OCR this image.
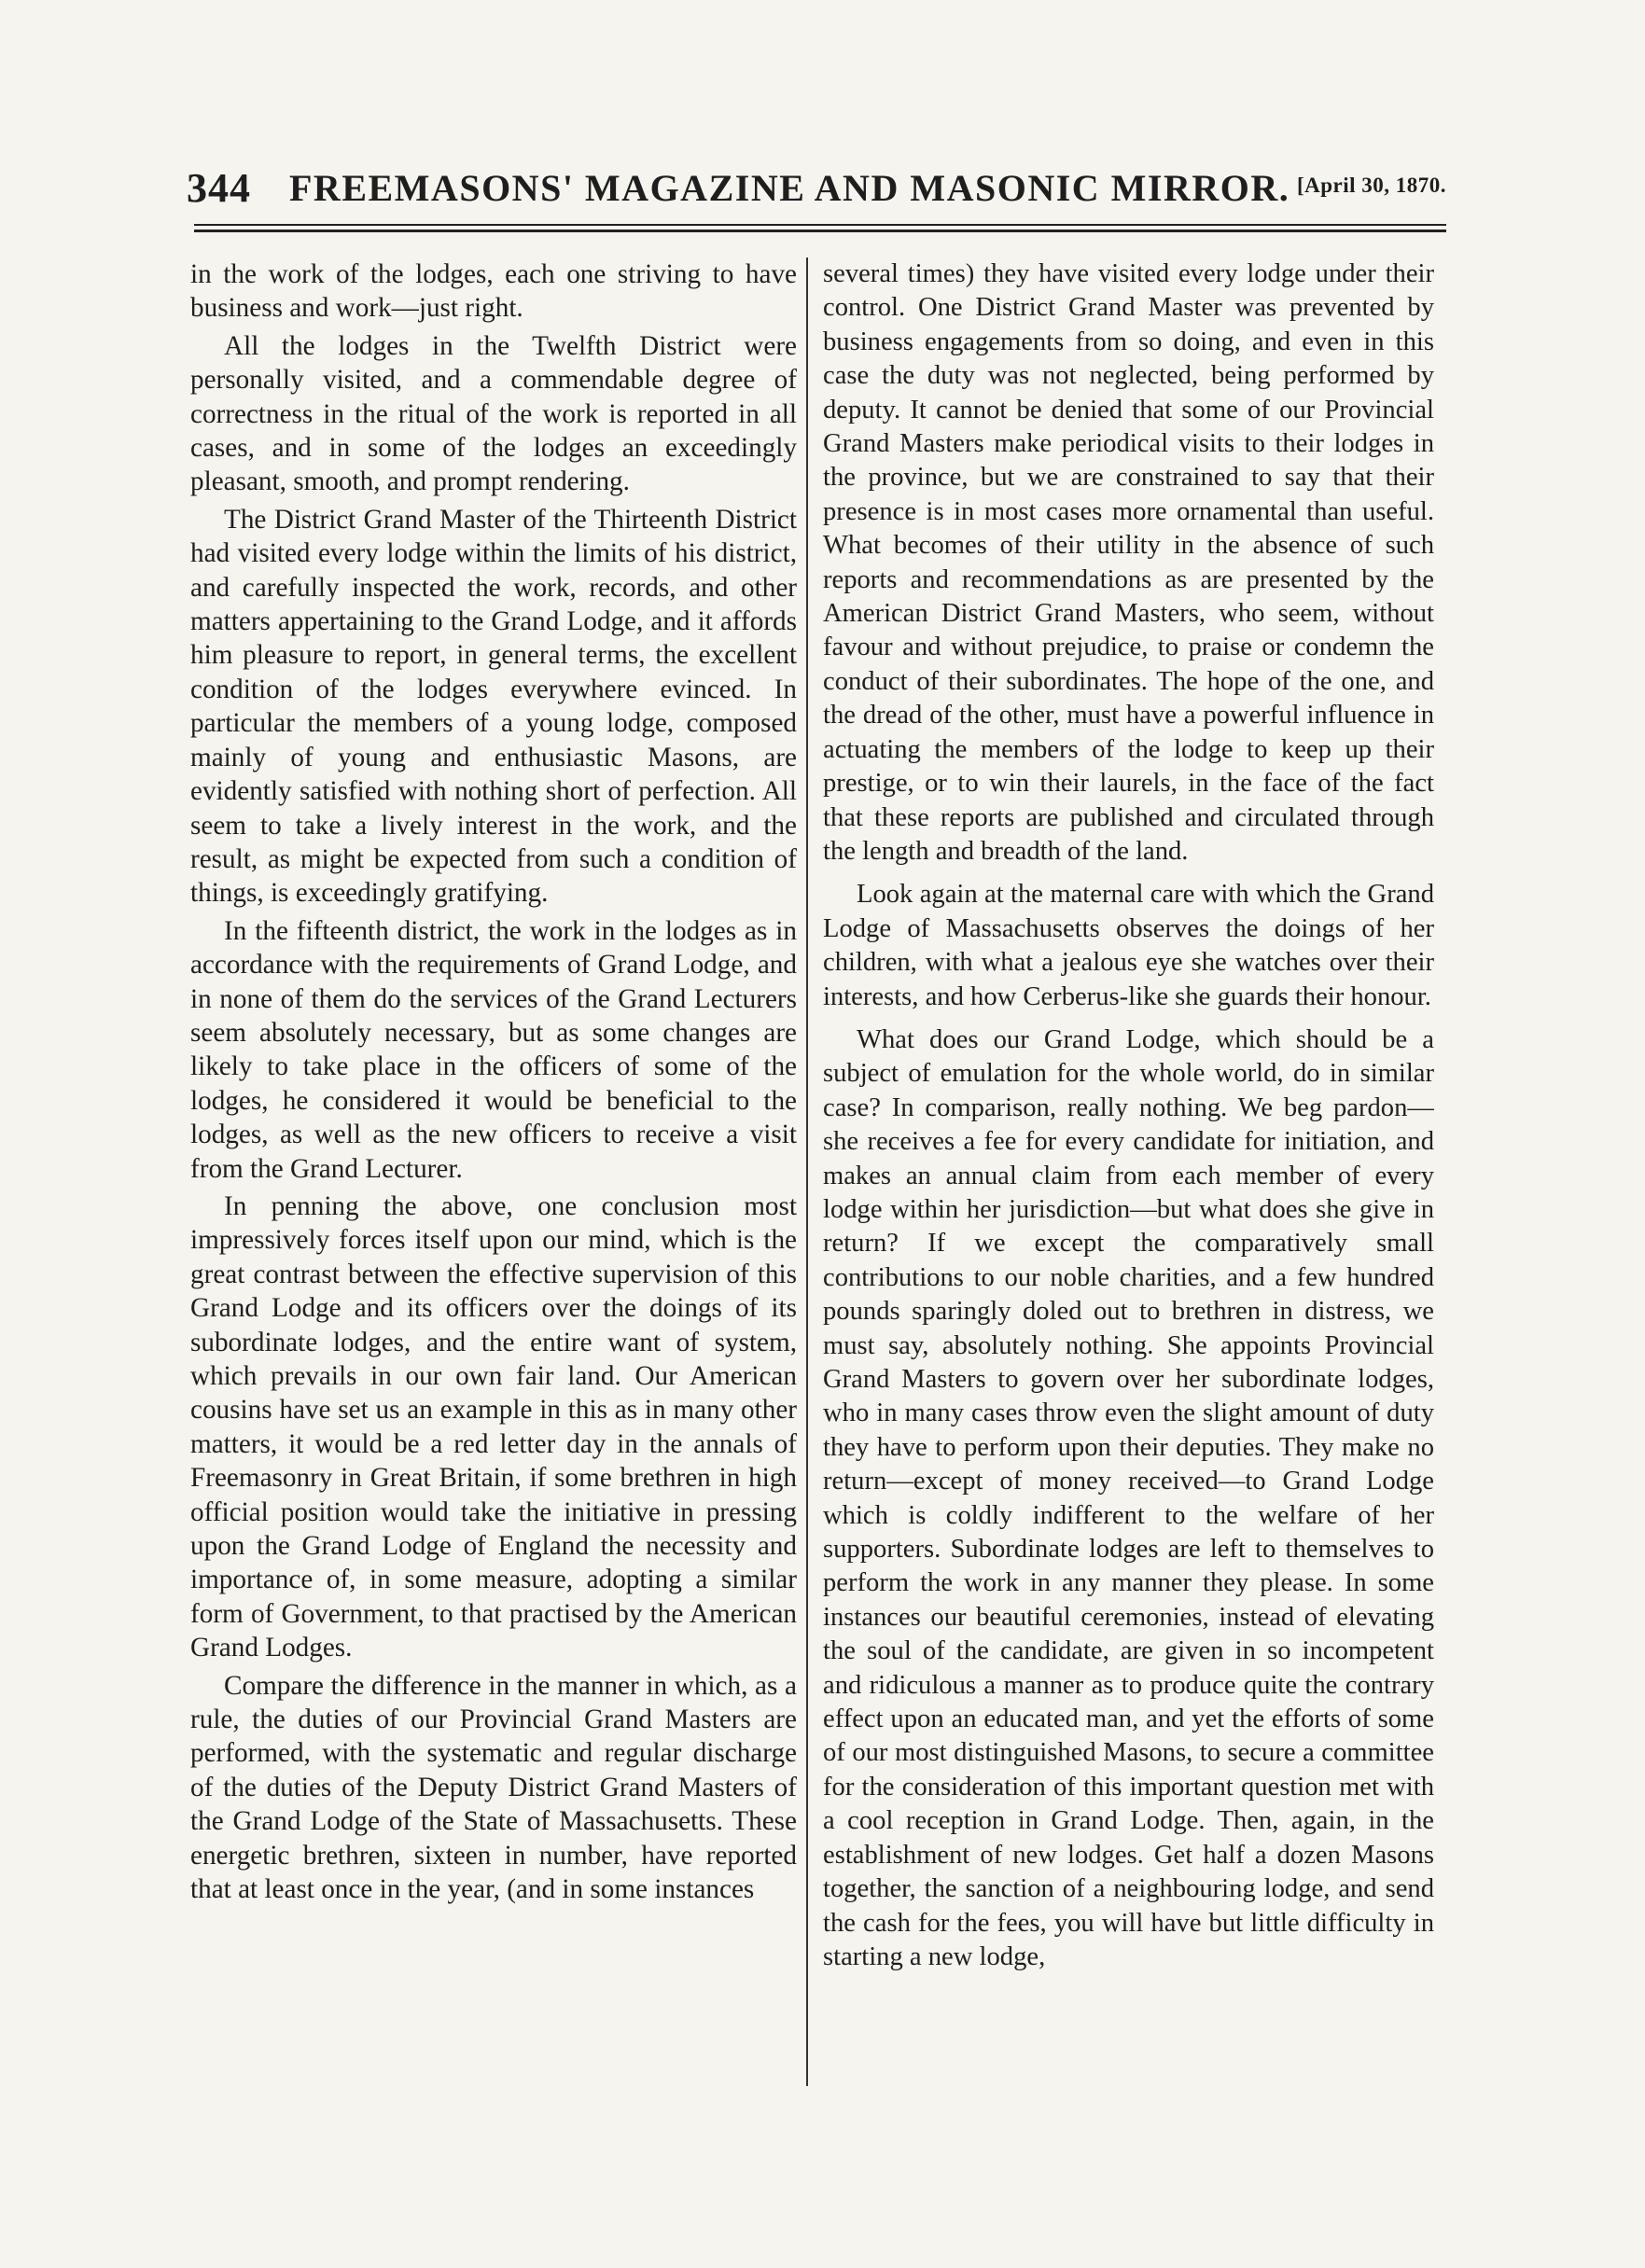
344 FREEMASONS' MAGAZINE AND MASONIC MIRROR. [April 30, 1870.

in the work of the lodges, each one striving to have business and work—just right.

All the lodges in the Twelfth District were personally visited, and a commendable degree of correctness in the ritual of the work is reported in all cases, and in some of the lodges an exceedingly pleasant, smooth, and prompt rendering.

The District Grand Master of the Thirteenth District had visited every lodge within the limits of his district, and carefully inspected the work, records, and other matters appertaining to the Grand Lodge, and it affords him pleasure to report, in general terms, the excellent condition of the lodges everywhere evinced. In particular the members of a young lodge, composed mainly of young and enthusiastic Masons, are evidently satisfied with nothing short of perfection. All seem to take a lively interest in the work, and the result, as might be expected from such a condition of things, is exceedingly gratifying.

In the fifteenth district, the work in the lodges as in accordance with the requirements of Grand Lodge, and in none of them do the services of the Grand Lecturers seem absolutely necessary, but as some changes are likely to take place in the officers of some of the lodges, he considered it would be beneficial to the lodges, as well as the new officers to receive a visit from the Grand Lecturer.

In penning the above, one conclusion most impressively forces itself upon our mind, which is the great contrast between the effective supervision of this Grand Lodge and its officers over the doings of its subordinate lodges, and the entire want of system, which prevails in our own fair land. Our American cousins have set us an example in this as in many other matters, it would be a red letter day in the annals of Freemasonry in Great Britain, if some brethren in high official position would take the initiative in pressing upon the Grand Lodge of England the necessity and importance of, in some measure, adopting a similar form of Government, to that practised by the American Grand Lodges.

Compare the difference in the manner in which, as a rule, the duties of our Provincial Grand Masters are performed, with the systematic and regular discharge of the duties of the Deputy District Grand Masters of the Grand Lodge of the State of Massachusetts. These energetic brethren, sixteen in number, have reported that at least once in the year, (and in some instances

several times) they have visited every lodge under their control. One District Grand Master was prevented by business engagements from so doing, and even in this case the duty was not neglected, being performed by deputy. It cannot be denied that some of our Provincial Grand Masters make periodical visits to their lodges in the province, but we are constrained to say that their presence is in most cases more ornamental than useful. What becomes of their utility in the absence of such reports and recommendations as are presented by the American District Grand Masters, who seem, without favour and without prejudice, to praise or condemn the conduct of their subordinates. The hope of the one, and the dread of the other, must have a powerful influence in actuating the members of the lodge to keep up their prestige, or to win their laurels, in the face of the fact that these reports are published and circulated through the length and breadth of the land.

Look again at the maternal care with which the Grand Lodge of Massachusetts observes the doings of her children, with what a jealous eye she watches over their interests, and how Cerberus-like she guards their honour.

What does our Grand Lodge, which should be a subject of emulation for the whole world, do in similar case? In comparison, really nothing. We beg pardon—she receives a fee for every candidate for initiation, and makes an annual claim from each member of every lodge within her jurisdiction—but what does she give in return? If we except the comparatively small contributions to our noble charities, and a few hundred pounds sparingly doled out to brethren in distress, we must say, absolutely nothing. She appoints Provincial Grand Masters to govern over her subordinate lodges, who in many cases throw even the slight amount of duty they have to perform upon their deputies. They make no return—except of money received—to Grand Lodge which is coldly indifferent to the welfare of her supporters. Subordinate lodges are left to themselves to perform the work in any manner they please. In some instances our beautiful ceremonies, instead of elevating the soul of the candidate, are given in so incompetent and ridiculous a manner as to produce quite the contrary effect upon an educated man, and yet the efforts of some of our most distinguished Masons, to secure a committee for the consideration of this important question met with a cool reception in Grand Lodge. Then, again, in the establishment of new lodges. Get half a dozen Masons together, the sanction of a neighbouring lodge, and send the cash for the fees, you will have but little difficulty in starting a new lodge,
